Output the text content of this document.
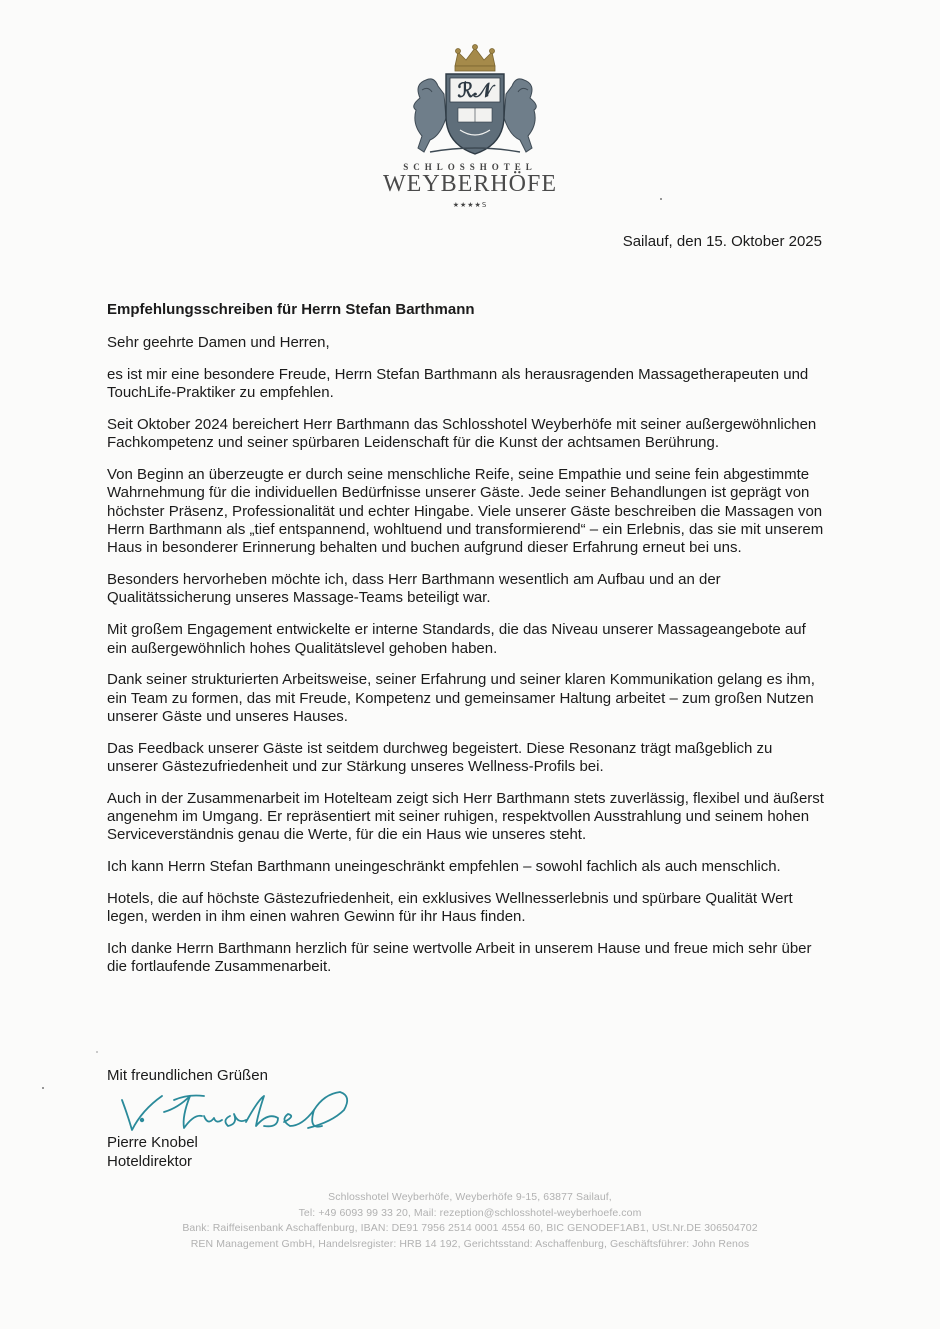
ℛ𝒩
SCHLOSSHOTEL
WEYBERHÖFE
★★★★S
Sailauf, den 15. Oktober 2025
Empfehlungsschreiben für Herrn Stefan Barthmann
Sehr geehrte Damen und Herren,

es ist mir eine besondere Freude, Herrn Stefan Barthmann als herausragenden Massagetherapeuten und TouchLife-Praktiker zu empfehlen.

Seit Oktober 2024 bereichert Herr Barthmann das Schlosshotel Weyberhöfe mit seiner außergewöhnlichen Fachkompetenz und seiner spürbaren Leidenschaft für die Kunst der achtsamen Berührung.

Von Beginn an überzeugte er durch seine menschliche Reife, seine Empathie und seine fein abgestimmte Wahrnehmung für die individuellen Bedürfnisse unserer Gäste. Jede seiner Behandlungen ist geprägt von höchster Präsenz, Professionalität und echter Hingabe. Viele unserer Gäste beschreiben die Massagen von Herrn Barthmann als „tief entspannend, wohltuend und transformierend“ – ein Erlebnis, das sie mit unserem Haus in besonderer Erinnerung behalten und buchen aufgrund dieser Erfahrung erneut bei uns.

Besonders hervorheben möchte ich, dass Herr Barthmann wesentlich am Aufbau und an der Qualitätssicherung unseres Massage-Teams beteiligt war.

Mit großem Engagement entwickelte er interne Standards, die das Niveau unserer Massageangebote auf ein außergewöhnlich hohes Qualitätslevel gehoben haben.

Dank seiner strukturierten Arbeitsweise, seiner Erfahrung und seiner klaren Kommunikation gelang es ihm, ein Team zu formen, das mit Freude, Kompetenz und gemeinsamer Haltung arbeitet – zum großen Nutzen unserer Gäste und unseres Hauses.

Das Feedback unserer Gäste ist seitdem durchweg begeistert. Diese Resonanz trägt maßgeblich zu unserer Gästezufriedenheit und zur Stärkung unseres Wellness-Profils bei.

Auch in der Zusammenarbeit im Hotelteam zeigt sich Herr Barthmann stets zuverlässig, flexibel und äußerst angenehm im Umgang. Er repräsentiert mit seiner ruhigen, respektvollen Ausstrahlung und seinem hohen Serviceverständnis genau die Werte, für die ein Haus wie unseres steht.

Ich kann Herrn Stefan Barthmann uneingeschränkt empfehlen – sowohl fachlich als auch menschlich.

Hotels, die auf höchste Gästezufriedenheit, ein exklusives Wellnesserlebnis und spürbare Qualität Wert legen, werden in ihm einen wahren Gewinn für ihr Haus finden.

Ich danke Herrn Barthmann herzlich für seine wertvolle Arbeit in unserem Hause und freue mich sehr über die fortlaufende Zusammenarbeit.

Mit freundlichen Grüßen
Pierre Knobel
Hoteldirektor
Schlosshotel Weyberhöfe, Weyberhöfe 9-15, 63877 Sailauf,
Tel: +49 6093 99 33 20, Mail: rezeption@schlosshotel-weyberhoefe.com
Bank: Raiffeisenbank Aschaffenburg, IBAN: DE91 7956 2514 0001 4554 60, BIC GENODEF1AB1, USt.Nr.DE 306504702
REN Management GmbH, Handelsregister: HRB 14 192, Gerichtsstand: Aschaffenburg, Geschäftsführer: John Renos
